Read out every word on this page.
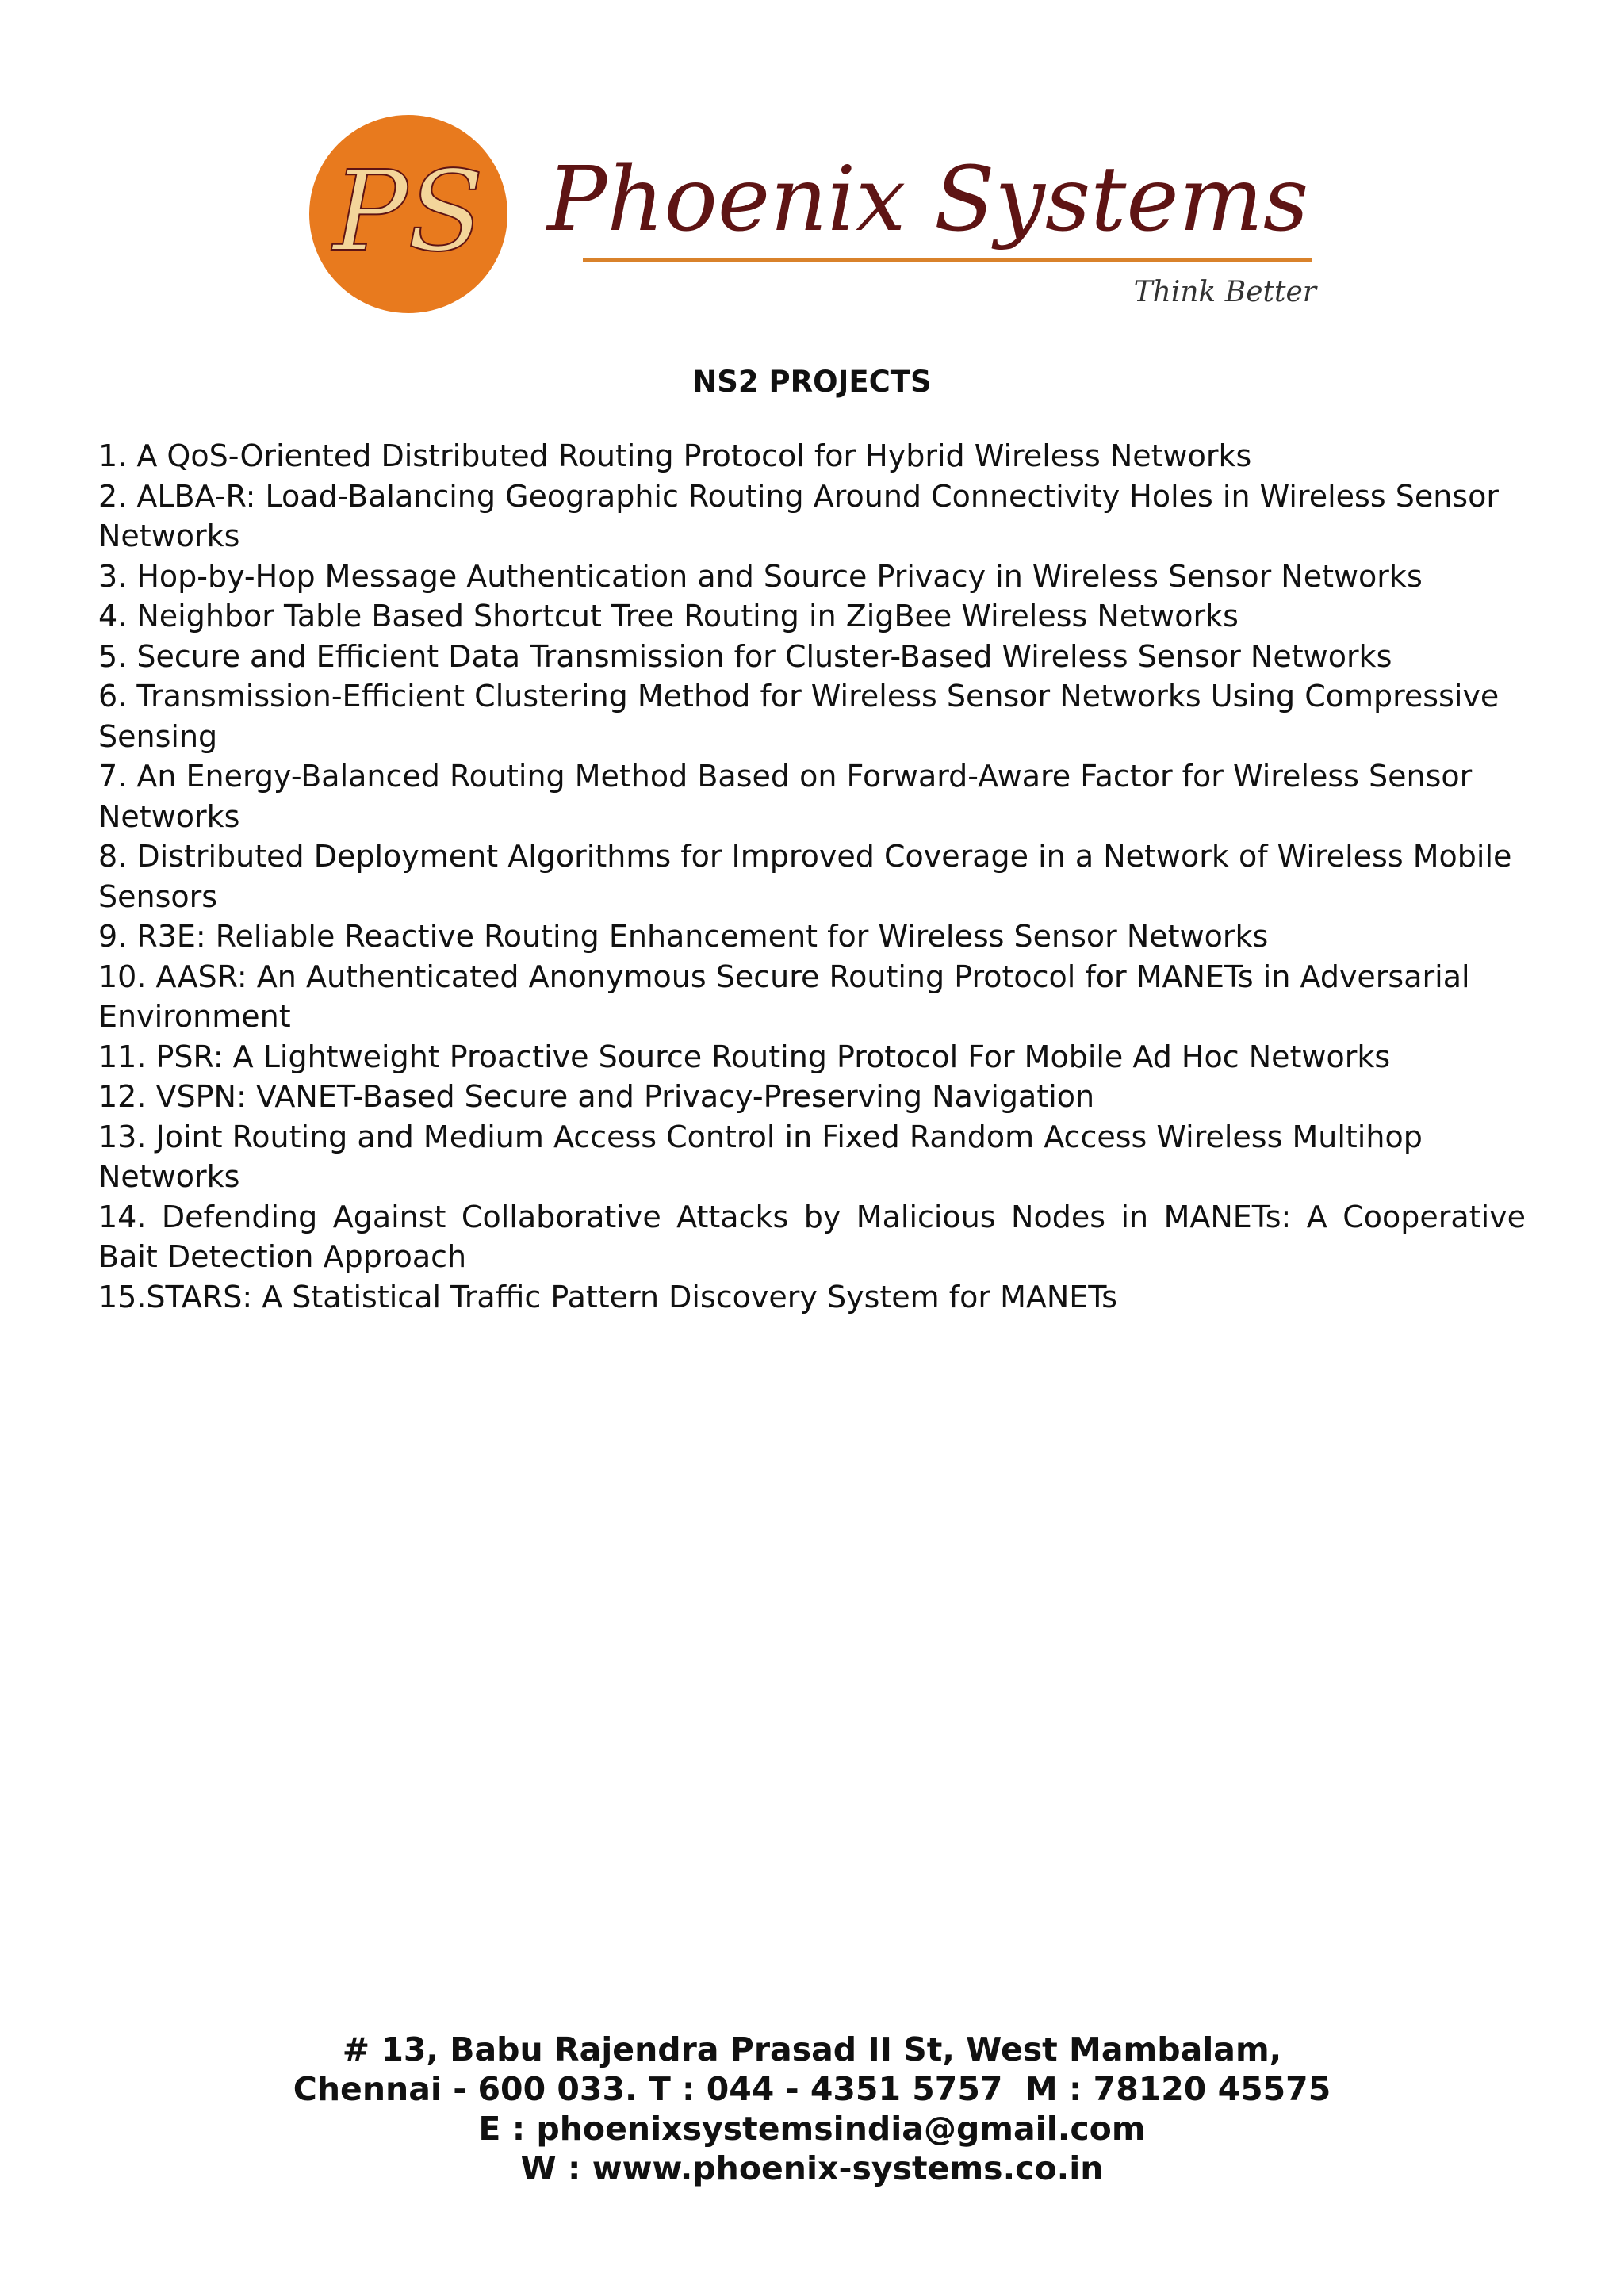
PS Phoenix Systems
Think Better
NS2 PROJECTS
1. A QoS-Oriented Distributed Routing Protocol for Hybrid Wireless Networks
2. ALBA-R: Load-Balancing Geographic Routing Around Connectivity Holes in Wireless Sensor Networks
3. Hop-by-Hop Message Authentication and Source Privacy in Wireless Sensor Networks
4. Neighbor Table Based Shortcut Tree Routing in ZigBee Wireless Networks
5. Secure and Efficient Data Transmission for Cluster-Based Wireless Sensor Networks
6. Transmission-Efficient Clustering Method for Wireless Sensor Networks Using Compressive Sensing
7. An Energy-Balanced Routing Method Based on Forward-Aware Factor for Wireless Sensor Networks
8. Distributed Deployment Algorithms for Improved Coverage in a Network of Wireless Mobile Sensors
9. R3E: Reliable Reactive Routing Enhancement for Wireless Sensor Networks
10. AASR: An Authenticated Anonymous Secure Routing Protocol for MANETs in Adversarial Environment
11. PSR: A Lightweight Proactive Source Routing Protocol For Mobile Ad Hoc Networks
12. VSPN: VANET-Based Secure and Privacy-Preserving Navigation
13. Joint Routing and Medium Access Control in Fixed Random Access Wireless Multihop Networks
14. Defending Against Collaborative Attacks by Malicious Nodes in MANETs: A Cooperative Bait Detection Approach
15.STARS: A Statistical Traffic Pattern Discovery System for MANETs
# 13, Babu Rajendra Prasad II St, West Mambalam,
Chennai - 600 033. T : 044 - 4351 5757  M : 78120 45575
E : phoenixsystemsindia@gmail.com
W : www.phoenix-systems.co.in
